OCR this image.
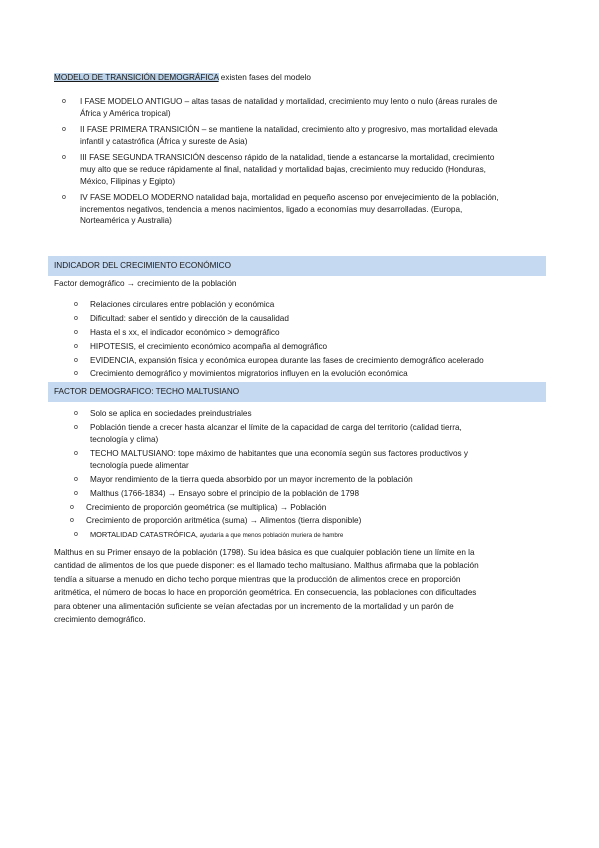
MODELO DE TRANSICIÓN DEMOGRÁFICA existen fases del modelo
o I FASE MODELO ANTIGUO – altas tasas de natalidad y mortalidad, crecimiento muy lento o nulo (áreas rurales de
África y América tropical)
o II FASE PRIMERA TRANSICIÓN – se mantiene la natalidad, crecimiento alto y progresivo, mas mortalidad elevada
infantil y catastrófica (África y sureste de Asia)
o III FASE SEGUNDA TRANSICIÓN descenso rápido de la natalidad, tiende a estancarse la mortalidad, crecimiento
muy alto que se reduce rápidamente al final, natalidad y mortalidad bajas, crecimiento muy reducido (Honduras,
México, Filipinas y Egipto)
o IV FASE MODELO MODERNO natalidad baja, mortalidad en pequeño ascenso por envejecimiento de la población,
incrementos negativos, tendencia a menos nacimientos, ligado a economías muy desarrolladas. (Europa,
Norteamérica y Australia)
INDICADOR DEL CRECIMIENTO ECONÓMICO
Factor demográfico → crecimiento de la población
o Relaciones circulares entre población y económica
o Dificultad: saber el sentido y dirección de la causalidad
o Hasta el s xx, el indicador económico > demográfico
o HIPOTESIS, el crecimiento económico acompaña al demográfico
o EVIDENCIA, expansión física y económica europea durante las fases de crecimiento demográfico acelerado
o Crecimiento demográfico y movimientos migratorios influyen en la evolución económica
FACTOR DEMOGRAFICO: TECHO MALTUSIANO
o Solo se aplica en sociedades preindustriales
o Población tiende a crecer hasta alcanzar el límite de la capacidad de carga del territorio (calidad tierra,
tecnología y clima)
o TECHO MALTUSIANO: tope máximo de habitantes que una economía según sus factores productivos y
tecnología puede alimentar
o Mayor rendimiento de la tierra queda absorbido por un mayor incremento de la población
o Malthus (1766-1834) → Ensayo sobre el principio de la población de 1798
o Crecimiento de proporción geométrica (se multiplica) → Población
o Crecimiento de proporción aritmética (suma) → Alimentos (tierra disponible)
o MORTALIDAD CATASTRÓFICA, ayudaría a que menos población muriera de hambre
Malthus en su Primer ensayo de la población (1798). Su idea básica es que cualquier población tiene un límite en la
cantidad de alimentos de los que puede disponer: es el llamado techo maltusiano. Malthus afirmaba que la población
tendía a situarse a menudo en dicho techo porque mientras que la producción de alimentos crece en proporción
aritmética, el número de bocas lo hace en proporción geométrica. En consecuencia, las poblaciones con dificultades
para obtener una alimentación suficiente se veían afectadas por un incremento de la mortalidad y un parón de
crecimiento demográfico.
